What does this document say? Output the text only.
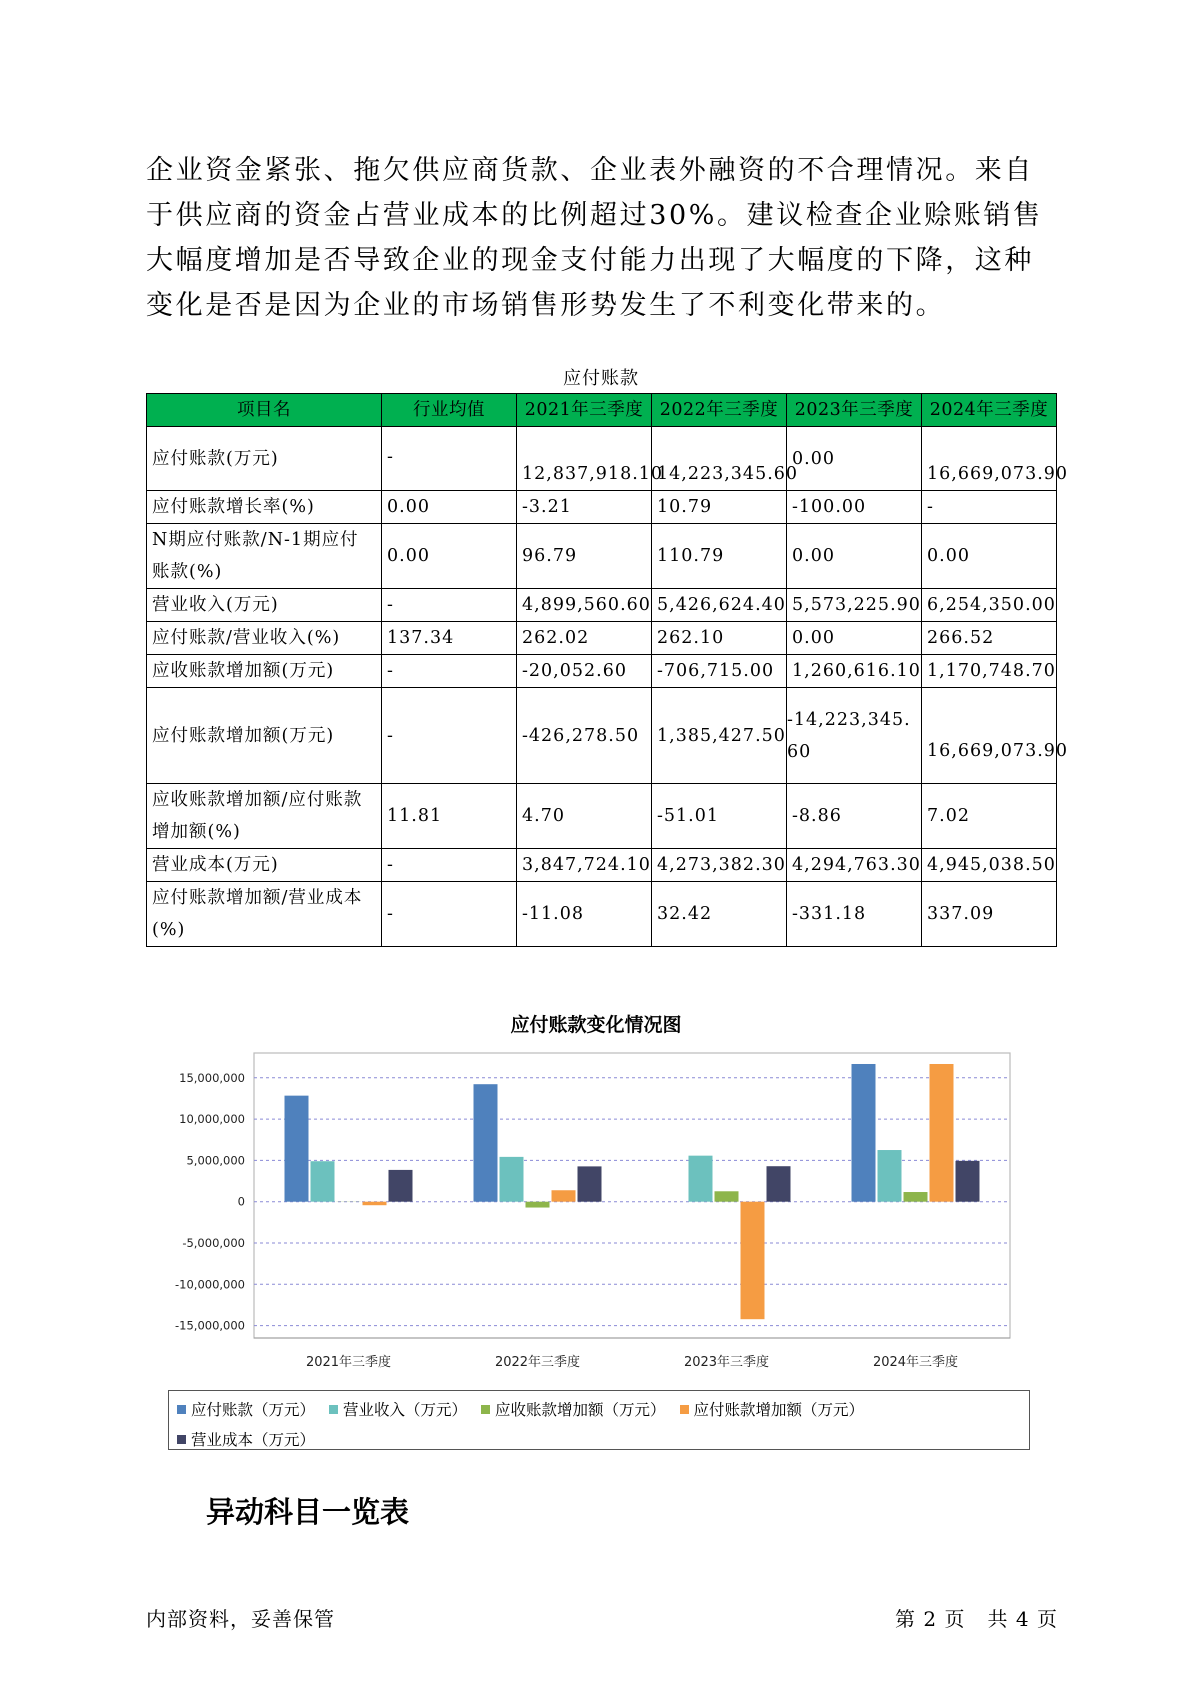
企业资金紧张、拖欠供应商货款、企业表外融资的不合理情况。来自于供应商的资金占营业成本的比例超过30%。建议检查企业赊账销售大幅度增加是否导致企业的现金支付能力出现了大幅度的下降，这种变化是否是因为企业的市场销售形势发生了不利变化带来的。
应付账款
项目名	行业均值	2021年三季度	2022年三季度	2023年三季度	2024年三季度
应付账款(万元)	-	12,837,918.10	14,223,345.60	0.00	16,669,073.90
应付账款增长率(%)	0.00	-3.21	10.79	-100.00	-
N期应付账款/N-1期应付账款(%)	0.00	96.79	110.79	0.00	0.00
营业收入(万元)	-	4,899,560.60	5,426,624.40	5,573,225.90	6,254,350.00
应付账款/营业收入(%)	137.34	262.02	262.10	0.00	266.52
应收账款增加额(万元)	-	-20,052.60	-706,715.00	1,260,616.10	1,170,748.70
应付账款增加额(万元)	-	-426,278.50	1,385,427.50	-14,223,345.60	16,669,073.90
应收账款增加额/应付账款增加额(%)	11.81	4.70	-51.01	-8.86	7.02
营业成本(万元)	-	3,847,724.10	4,273,382.30	4,294,763.30	4,945,038.50
应付账款增加额/营业成本(%)	-	-11.08	32.42	-331.18	337.09
应付账款变化情况图
15,000,000
10,000,000
5,000,000
0
-5,000,000
-10,000,000
-15,000,000
2021年三季度	2022年三季度	2023年三季度	2024年三季度
应付账款（万元） 营业收入（万元） 应收账款增加额（万元） 应付账款增加额（万元）营业成本（万元）
异动科目一览表
内部资料，妥善保管	第 2 页   共 4 页
